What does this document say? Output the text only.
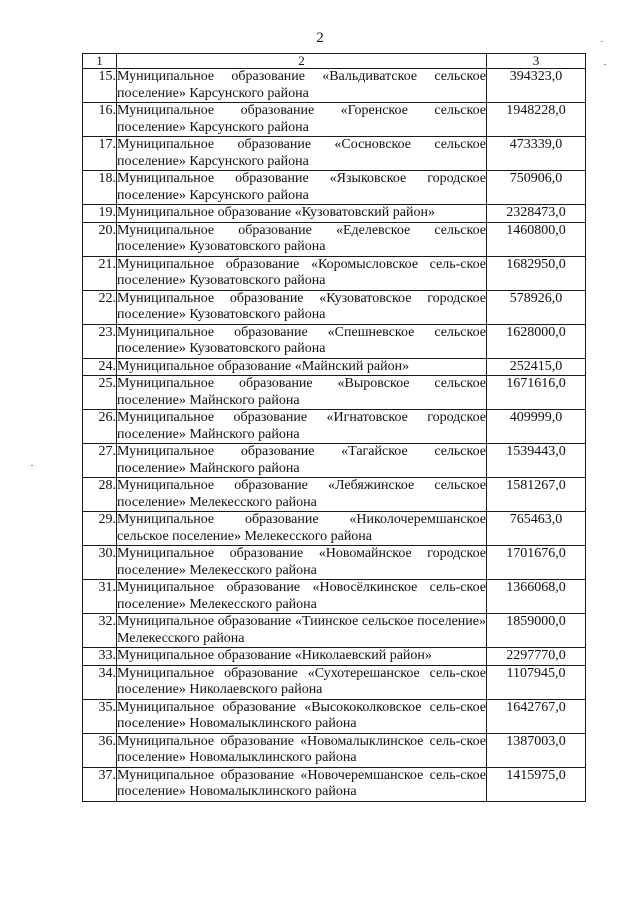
2
1	2	3
15.	Муниципальное образование «Вальдиватское сельское поселение» Карсунского района	394323,0
16.	Муниципальное образование «Горенское сельское поселение» Карсунского района	1948228,0
17.	Муниципальное образование «Сосновское сельское поселение» Карсунского района	473339,0
18.	Муниципальное образование «Языковское городское поселение» Карсунского района	750906,0
19.	Муниципальное образование «Кузоватовский район»	2328473,0
20.	Муниципальное образование «Еделевское сельское поселение» Кузоватовского района	1460800,0
21.	Муниципальное образование «Коромысловское сель-ское поселение» Кузоватовского района	1682950,0
22.	Муниципальное образование «Кузоватовское городское поселение» Кузоватовского района	578926,0
23.	Муниципальное образование «Спешневское сельское поселение» Кузоватовского района	1628000,0
24.	Муниципальное образование «Майнский район»	252415,0
25.	Муниципальное образование «Выровское сельское поселение» Майнского района	1671616,0
26.	Муниципальное образование «Игнатовское городское поселение» Майнского района	409999,0
27.	Муниципальное образование «Тагайское сельское поселение» Майнского района	1539443,0
28.	Муниципальное образование «Лебяжинское сельское поселение» Мелекесского района	1581267,0
29.	Муниципальное образование «Николочеремшанское сельское поселение» Мелекесского района	765463,0
30.	Муниципальное образование «Новомайнское городское поселение» Мелекесского района	1701676,0
31.	Муниципальное образование «Новосёлкинское сель-ское поселение» Мелекесского района	1366068,0
32.	Муниципальное образование «Тиинское сельское поселение» Мелекесского района	1859000,0
33.	Муниципальное образование «Николаевский район»	2297770,0
34.	Муниципальное образование «Сухотерешанское сель-ское поселение» Николаевского района	1107945,0
35.	Муниципальное образование «Высококолковское сель-ское поселение» Новомалыклинского района	1642767,0
36.	Муниципальное образование «Новомалыклинское сель-ское поселение» Новомалыклинского района	1387003,0
37.	Муниципальное образование «Новочеремшанское сель-ское поселение» Новомалыклинского района	1415975,0
